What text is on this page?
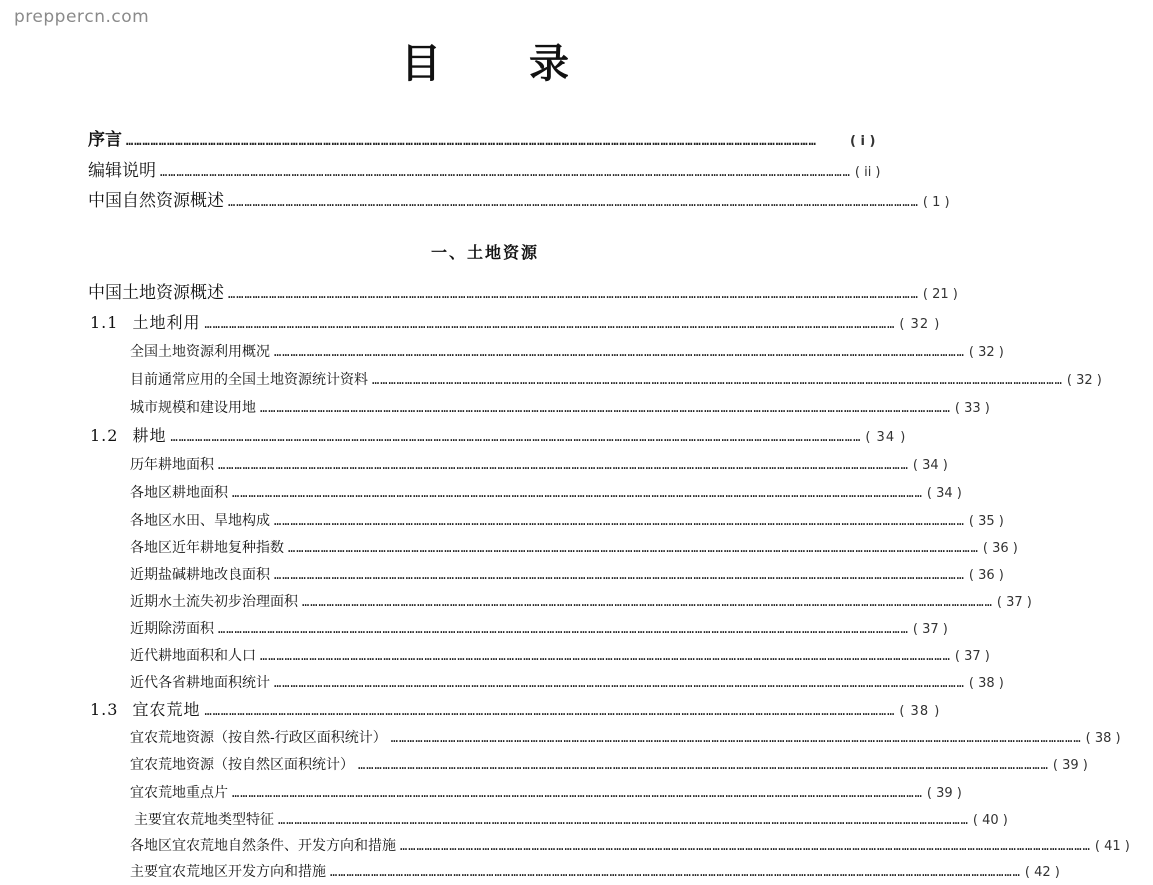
prepperсn.com
目录
序言 ………………………………………………………………………………………………………………………………………………………………………………………………………………………………	( i )
编辑说明 ……………………………………………………………………………………………………………………………………………………………………………………………………………………………… ( ii )
中国自然资源概述 ……………………………………………………………………………………………………………………………………………………………………………………………………………………………… ( 1 )
一、土地资源
中国土地资源概述 ……………………………………………………………………………………………………………………………………………………………………………………………………………………………… ( 21 )
1.1 土地利用 ……………………………………………………………………………………………………………………………………………………………………………………………………………………………… ( 32 )
全国土地资源利用概况 ……………………………………………………………………………………………………………………………………………………………………………………………………………………………… ( 32 )
目前通常应用的全国土地资源统计资料 ……………………………………………………………………………………………………………………………………………………………………………………………………………………………… ( 32 )
城市规模和建设用地 ……………………………………………………………………………………………………………………………………………………………………………………………………………………………… ( 33 )
1.2 耕地 ……………………………………………………………………………………………………………………………………………………………………………………………………………………………… ( 34 )
历年耕地面积 ……………………………………………………………………………………………………………………………………………………………………………………………………………………………… ( 34 )
各地区耕地面积 ……………………………………………………………………………………………………………………………………………………………………………………………………………………………… ( 34 )
各地区水田、旱地构成 ……………………………………………………………………………………………………………………………………………………………………………………………………………………………… ( 35 )
各地区近年耕地复种指数 ……………………………………………………………………………………………………………………………………………………………………………………………………………………………… ( 36 )
近期盐碱耕地改良面积 ……………………………………………………………………………………………………………………………………………………………………………………………………………………………… ( 36 )
近期水土流失初步治理面积 ……………………………………………………………………………………………………………………………………………………………………………………………………………………………… ( 37 )
近期除涝面积 ……………………………………………………………………………………………………………………………………………………………………………………………………………………………… ( 37 )
近代耕地面积和人口 ……………………………………………………………………………………………………………………………………………………………………………………………………………………………… ( 37 )
近代各省耕地面积统计 ……………………………………………………………………………………………………………………………………………………………………………………………………………………………… ( 38 )
1.3 宜农荒地 ……………………………………………………………………………………………………………………………………………………………………………………………………………………………… ( 38 )
宜农荒地资源（按自然-行政区面积统计） ……………………………………………………………………………………………………………………………………………………………………………………………………………………………… ( 38 )
宜农荒地资源（按自然区面积统计） ……………………………………………………………………………………………………………………………………………………………………………………………………………………………… ( 39 )
宜农荒地重点片 ……………………………………………………………………………………………………………………………………………………………………………………………………………………………… ( 39 )
主要宜农荒地类型特征 ……………………………………………………………………………………………………………………………………………………………………………………………………………………………… ( 40 )
各地区宜农荒地自然条件、开发方向和措施 ……………………………………………………………………………………………………………………………………………………………………………………………………………………………… ( 41 )
主要宜农荒地区开发方向和措施 ……………………………………………………………………………………………………………………………………………………………………………………………………………………………… ( 42 )
